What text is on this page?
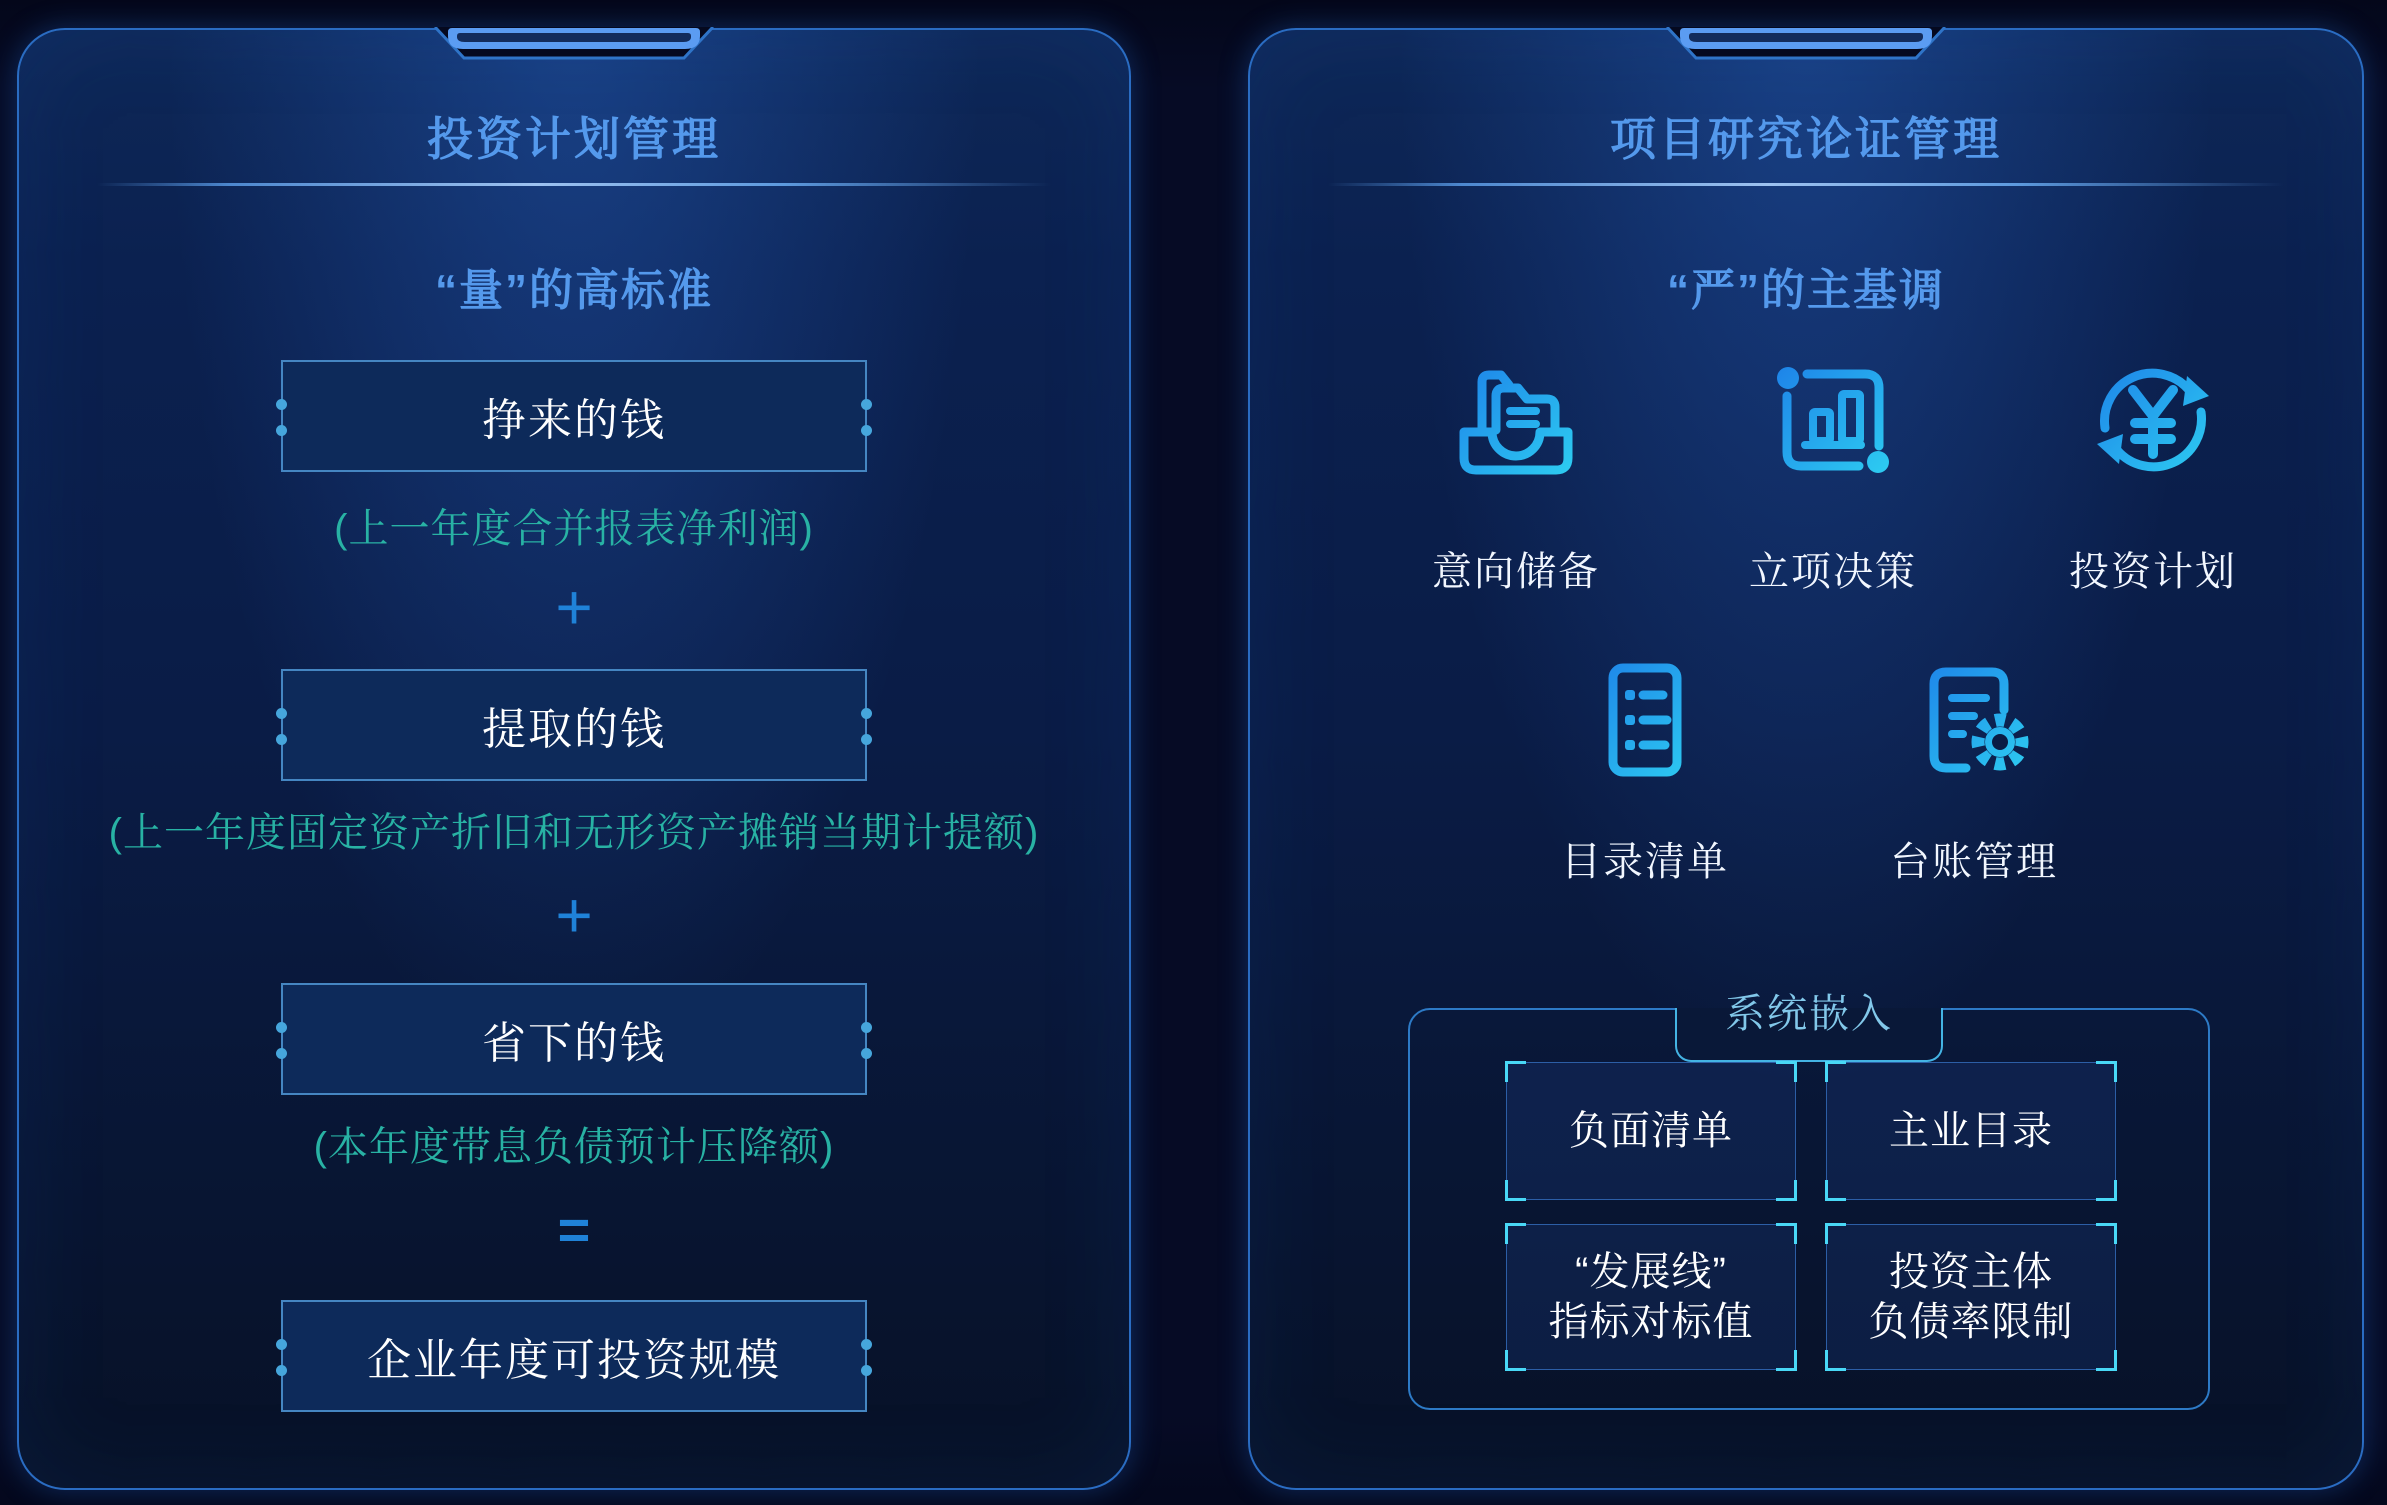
投资计划管理
“量”的高标准
挣来的钱
(上一年度合并报表净利润)
+
提取的钱
(上一年度固定资产折旧和无形资产摊销当期计提额)
+
省下的钱
(本年度带息负债预计压降额)
=
企业年度可投资规模
项目研究论证管理
“严”的主基调
意向储备	立项决策	投资计划
目录清单	台账管理
系统嵌入
负面清单	主业目录
“发展线”
指标对标值
投资主体
负债率限制
